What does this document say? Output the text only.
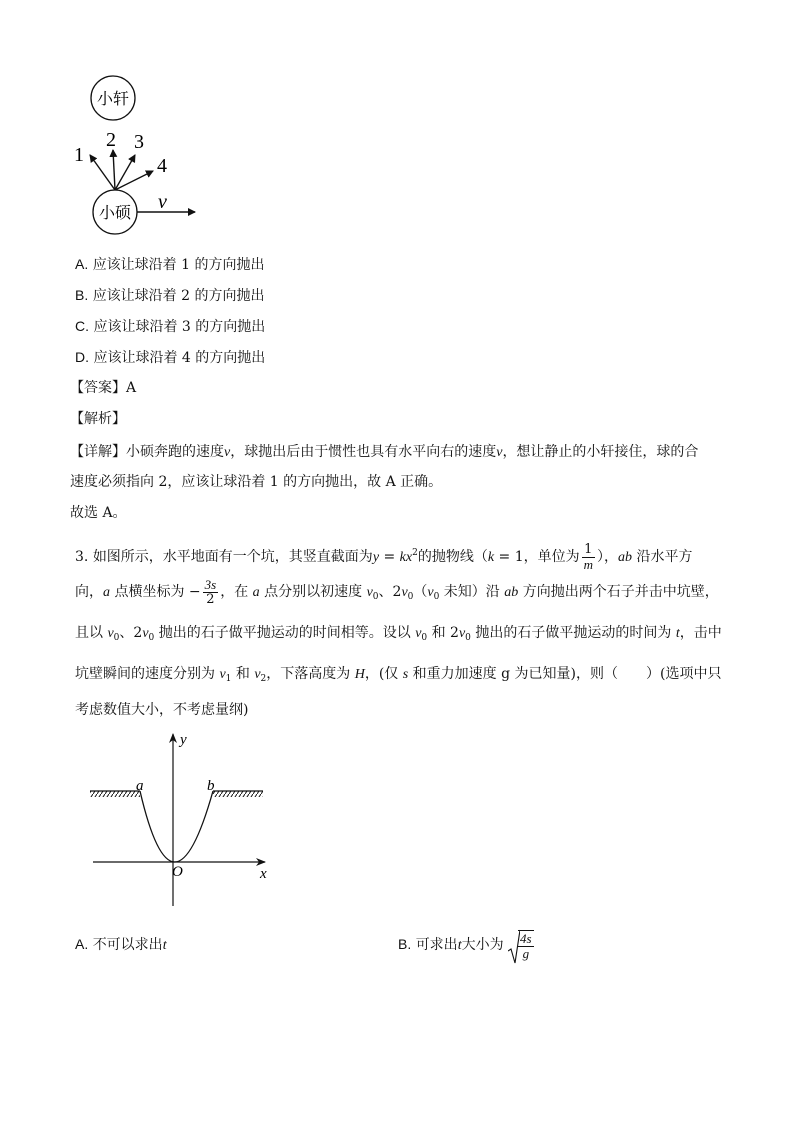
小轩
小硕
1
2 3
4
v
A. 应该让球沿着 1 的方向抛出
B. 应该让球沿着 2 的方向抛出
C. 应该让球沿着 3 的方向抛出
D. 应该让球沿着 4 的方向抛出
【答案】A
【解析】
【详解】小硕奔跑的速度v，球抛出后由于惯性也具有水平向右的速度v，想让静止的小轩接住，球的合
速度必须指向 2，应该让球沿着 1 的方向抛出，故 A 正确。
故选 A。
3. 如图所示，水平地面有一个坑，其竖直截面为$y = kx^2$的抛物线（k = 1，单位为 $\frac{1}{m}$ ），ab 沿水平方
向，a 点横坐标为 − $\frac{3s}{2}$ ，在 a 点分别以初速度 $v_0$、$2v_0(v_0$ 未知）沿 ab 方向抛出两个石子并击中坑壁，
且以 $v_0$、$2v_0$ 抛出的石子做平抛运动的时间相等。设以 $v_0$ 和 $2v_0$ 抛出的石子做平抛运动的时间为 t，击中
坑壁瞬间的速度分别为 $v_1$ 和 $v_2$，下落高度为 H，(仅 s 和重力加速度 g 为已知量)，则（　　）(选项中只
考虑数值大小，不考虑量纲)
y
x
O
a	b
A. 不可以求出t	B. 可求出t大小为 $\frac{4s}{g}$
